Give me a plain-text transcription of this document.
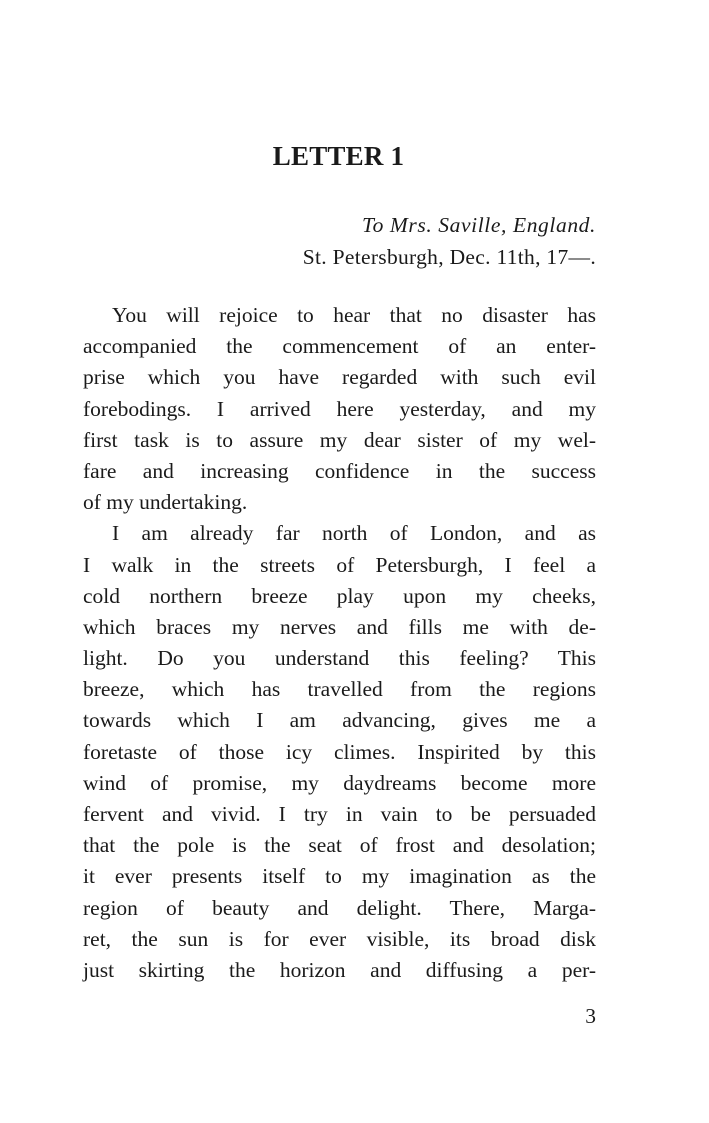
LETTER 1
To Mrs. Saville, England.
St. Petersburgh, Dec. 11th, 17—.
You will rejoice to hear that no disaster has
accompanied the commencement of an enter-
prise which you have regarded with such evil
forebodings. I arrived here yesterday, and my
first task is to assure my dear sister of my wel-
fare and increasing confidence in the success
of my undertaking.
I am already far north of London, and as
I walk in the streets of Petersburgh, I feel a
cold northern breeze play upon my cheeks,
which braces my nerves and fills me with de-
light. Do you understand this feeling? This
breeze, which has travelled from the regions
towards which I am advancing, gives me a
foretaste of those icy climes. Inspirited by this
wind of promise, my daydreams become more
fervent and vivid. I try in vain to be persuaded
that the pole is the seat of frost and desolation;
it ever presents itself to my imagination as the
region of beauty and delight. There, Marga-
ret, the sun is for ever visible, its broad disk
just skirting the horizon and diffusing a per-
3
